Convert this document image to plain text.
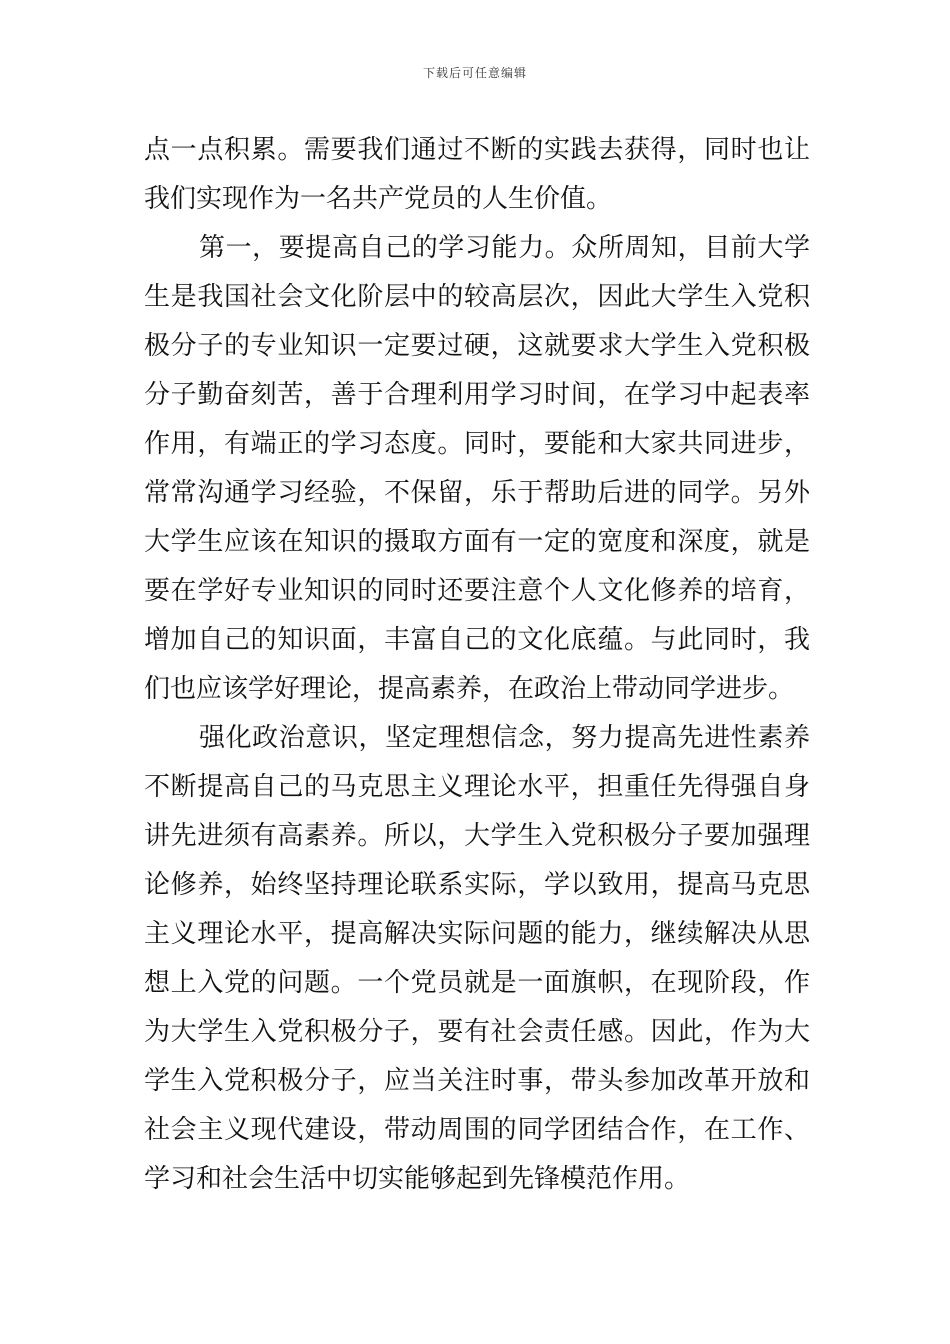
下载后可任意编辑
点一点积累。需要我们通过不断的实践去获得，同时也让
我们实现作为一名共产党员的人生价值。
第一，要提高自己的学习能力。众所周知，目前大学
生是我国社会文化阶层中的较高层次，因此大学生入党积
极分子的专业知识一定要过硬，这就要求大学生入党积极
分子勤奋刻苦，善于合理利用学习时间，在学习中起表率
作用，有端正的学习态度。同时，要能和大家共同进步，
常常沟通学习经验，不保留，乐于帮助后进的同学。另外
大学生应该在知识的摄取方面有一定的宽度和深度，就是
要在学好专业知识的同时还要注意个人文化修养的培育，
增加自己的知识面，丰富自己的文化底蕴。与此同时，我
们也应该学好理论，提高素养，在政治上带动同学进步。
强化政治意识，坚定理想信念，努力提高先进性素养
不断提高自己的马克思主义理论水平，担重任先得强自身
讲先进须有高素养。所以，大学生入党积极分子要加强理
论修养，始终坚持理论联系实际，学以致用，提高马克思
主义理论水平，提高解决实际问题的能力，继续解决从思
想上入党的问题。一个党员就是一面旗帜，在现阶段，作
为大学生入党积极分子，要有社会责任感。因此，作为大
学生入党积极分子，应当关注时事，带头参加改革开放和
社会主义现代建设，带动周围的同学团结合作，在工作、
学习和社会生活中切实能够起到先锋模范作用。
